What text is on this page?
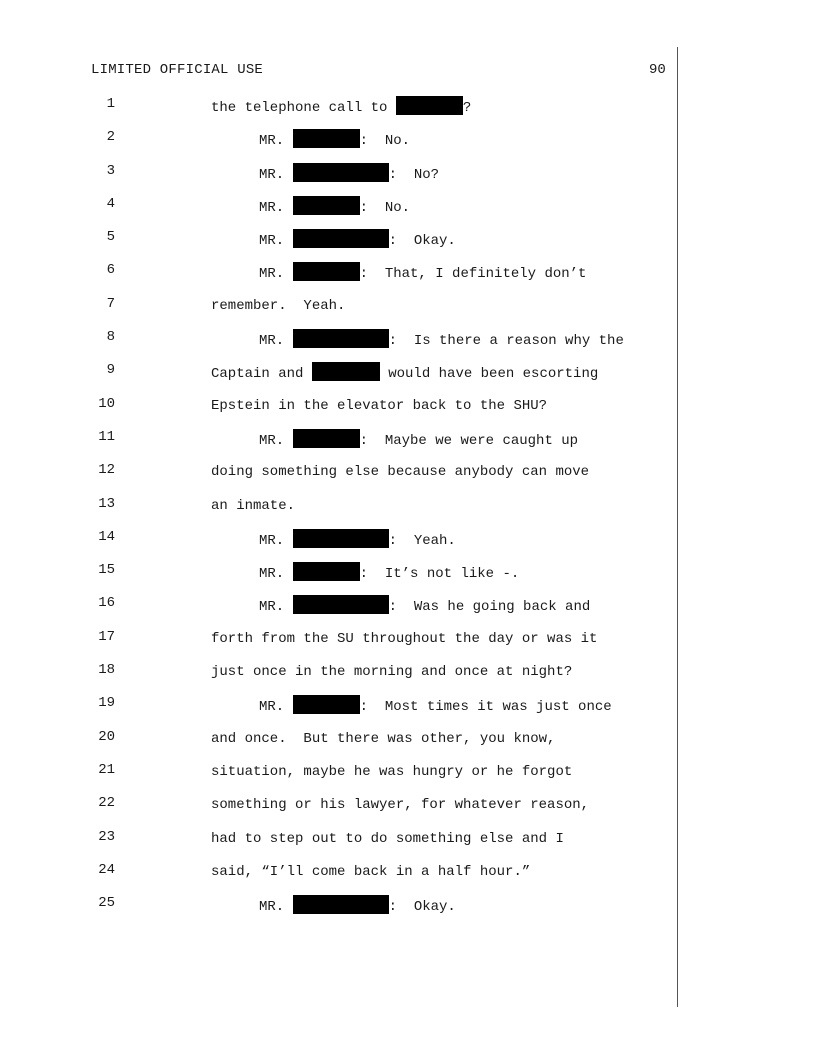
LIMITED OFFICIAL USE	90
1	the telephone call to	?
2	MR.	:  No.
3	MR.	:  No?
4	MR.	:  No.
5	MR.	:  Okay.
6	MR.	:  That, I definitely don’t
7	remember.  Yeah.
8	MR.	:  Is there a reason why the
9	Captain and	would have been escorting
10	Epstein in the elevator back to the SHU?
11	MR.	:  Maybe we were caught up
12	doing something else because anybody can move
13	an inmate.
14	MR.	:  Yeah.
15	MR.	:  It’s not like -.
16	MR.	:  Was he going back and
17	forth from the SU throughout the day or was it
18	just once in the morning and once at night?
19	MR.	:  Most times it was just once
20	and once.  But there was other, you know,
21	situation, maybe he was hungry or he forgot
22	something or his lawyer, for whatever reason,
23	had to step out to do something else and I
24	said, “I’ll come back in a half hour.”
25	MR.	:  Okay.
